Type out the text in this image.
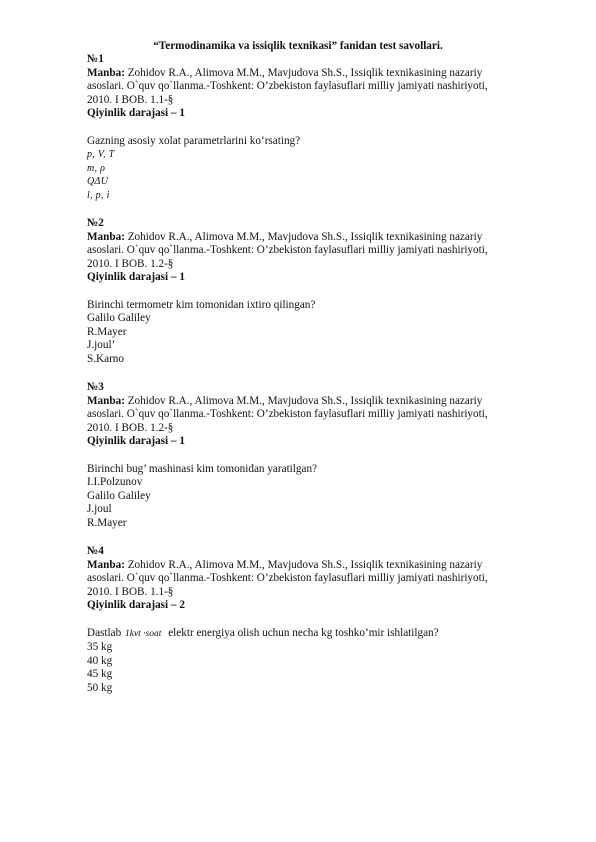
“Termodinamika va issiqlik texnikasi” fanidan test savollari.
№1
Manba: Zohidov R.A., Alimova M.M., Mavjudova Sh.S., Issiqlik texnikasining nazariy
asoslari. O`quv qo`llanma.-Toshkent: O’zbekiston faylasuflari milliy jamiyati nashiriyoti,
2010. I BOB. 1.1-§
Qiyinlik darajasi – 1
Gazning asosiy xolat parametrlarini ko‘rsating?
p, V, T
m, ρ
QΔU
l, p, i
№2
Manba: Zohidov R.A., Alimova M.M., Mavjudova Sh.S., Issiqlik texnikasining nazariy
asoslari. O`quv qo`llanma.-Toshkent: O’zbekiston faylasuflari milliy jamiyati nashiriyoti,
2010. I BOB. 1.2-§
Qiyinlik darajasi – 1
Birinchi termometr kim tomonidan ixtiro qilingan?
Galilo Galiley
R.Mayer
J.joul’
S.Karno
№3
Manba: Zohidov R.A., Alimova M.M., Mavjudova Sh.S., Issiqlik texnikasining nazariy
asoslari. O`quv qo`llanma.-Toshkent: O’zbekiston faylasuflari milliy jamiyati nashiriyoti,
2010. I BOB. 1.2-§
Qiyinlik darajasi – 1
Birinchi bug’ mashinasi kim tomonidan yaratilgan?
I.I.Polzunov
Galilo Galiley
J.joul
R.Mayer
№4
Manba: Zohidov R.A., Alimova M.M., Mavjudova Sh.S., Issiqlik texnikasining nazariy
asoslari. O`quv qo`llanma.-Toshkent: O’zbekiston faylasuflari milliy jamiyati nashiriyoti,
2010. I BOB. 1.1-§
Qiyinlik darajasi – 2
Dastlab 1kvt ·soat elektr energiya olish uchun necha kg toshko’mir ishlatilgan?
35 kg
40 kg
45 kg
50 kg
